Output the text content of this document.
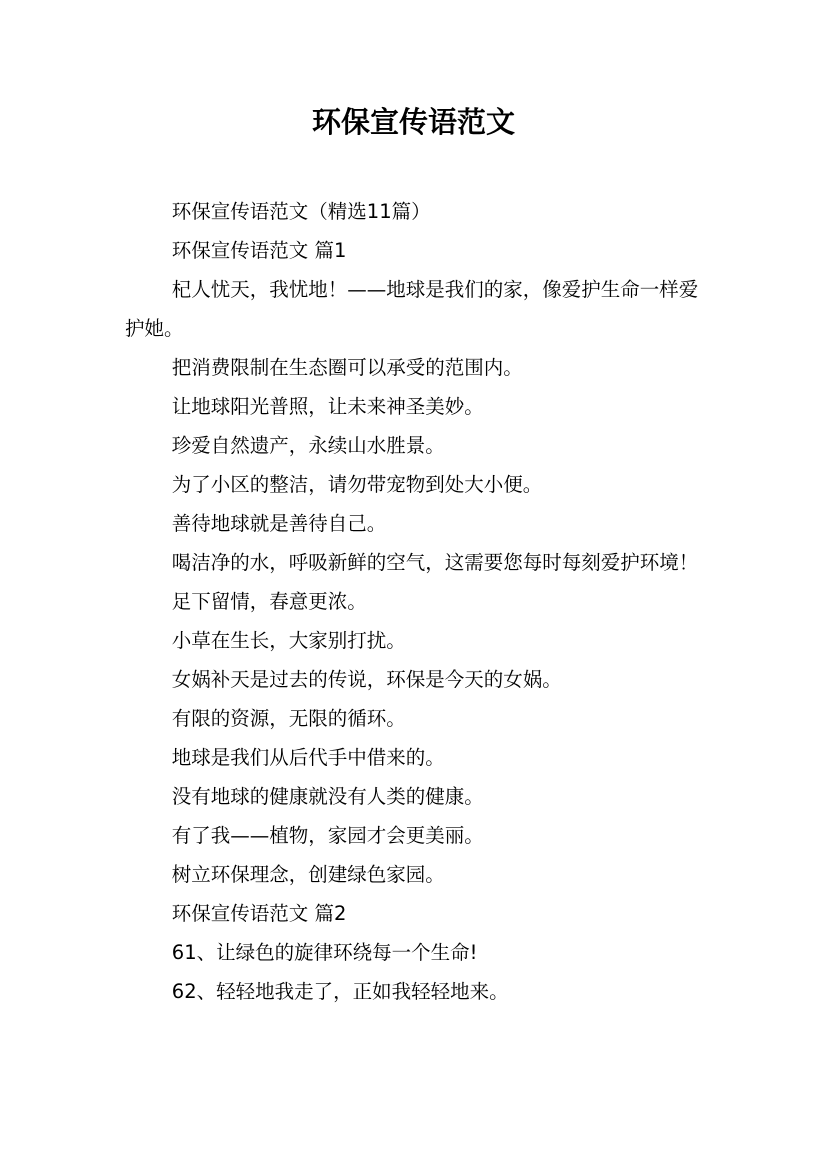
环保宣传语范文

环保宣传语范文（精选11篇）

环保宣传语范文 篇1

杞人忧天，我忧地！——地球是我们的家，像爱护生命一样爱护她。

把消费限制在生态圈可以承受的范围内。

让地球阳光普照，让未来神圣美妙。

珍爱自然遗产，永续山水胜景。

为了小区的整洁，请勿带宠物到处大小便。

善待地球就是善待自己。

喝洁净的水，呼吸新鲜的空气，这需要您每时每刻爱护环境！

足下留情，春意更浓。

小草在生长，大家别打扰。

女娲补天是过去的传说，环保是今天的女娲。

有限的资源，无限的循环。

地球是我们从后代手中借来的。

没有地球的健康就没有人类的健康。

有了我——植物，家园才会更美丽。

树立环保理念，创建绿色家园。

环保宣传语范文 篇2

61、让绿色的旋律环绕每一个生命!

62、轻轻地我走了，正如我轻轻地来。
